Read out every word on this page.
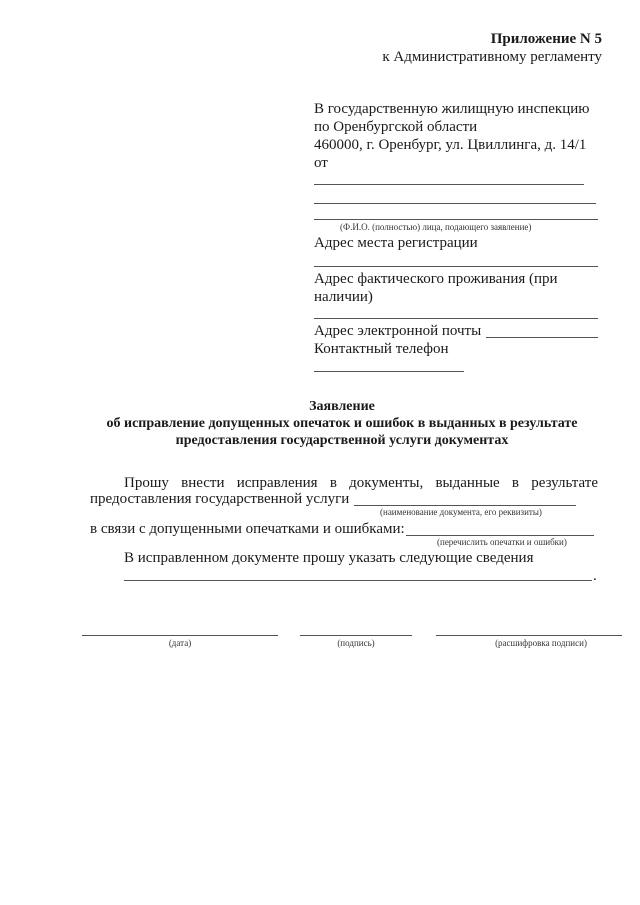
Приложение N 5
к Административному регламенту
В государственную жилищную инспекцию
по Оренбургской области
460000, г. Оренбург, ул. Цвиллинга, д. 14/1
от
(Ф.И.О. (полностью) лица, подающего заявление)
Адрес места регистрации
Адрес фактического проживания (при
наличии)
Адрес электронной почты
Контактный телефон
Заявление
об исправление допущенных опечаток и ошибок в выданных в результате
предоставления государственной услуги документах
Прошу внести исправления в документы, выданные в результате
предоставления государственной услуги
(наименование документа, его реквизиты)
в связи с допущенными опечатками и ошибками:
(перечислить опечатки и ошибки)
В исправленном документе прошу указать следующие сведения
.
(дата)	(подпись)	(расшифровка подписи)
